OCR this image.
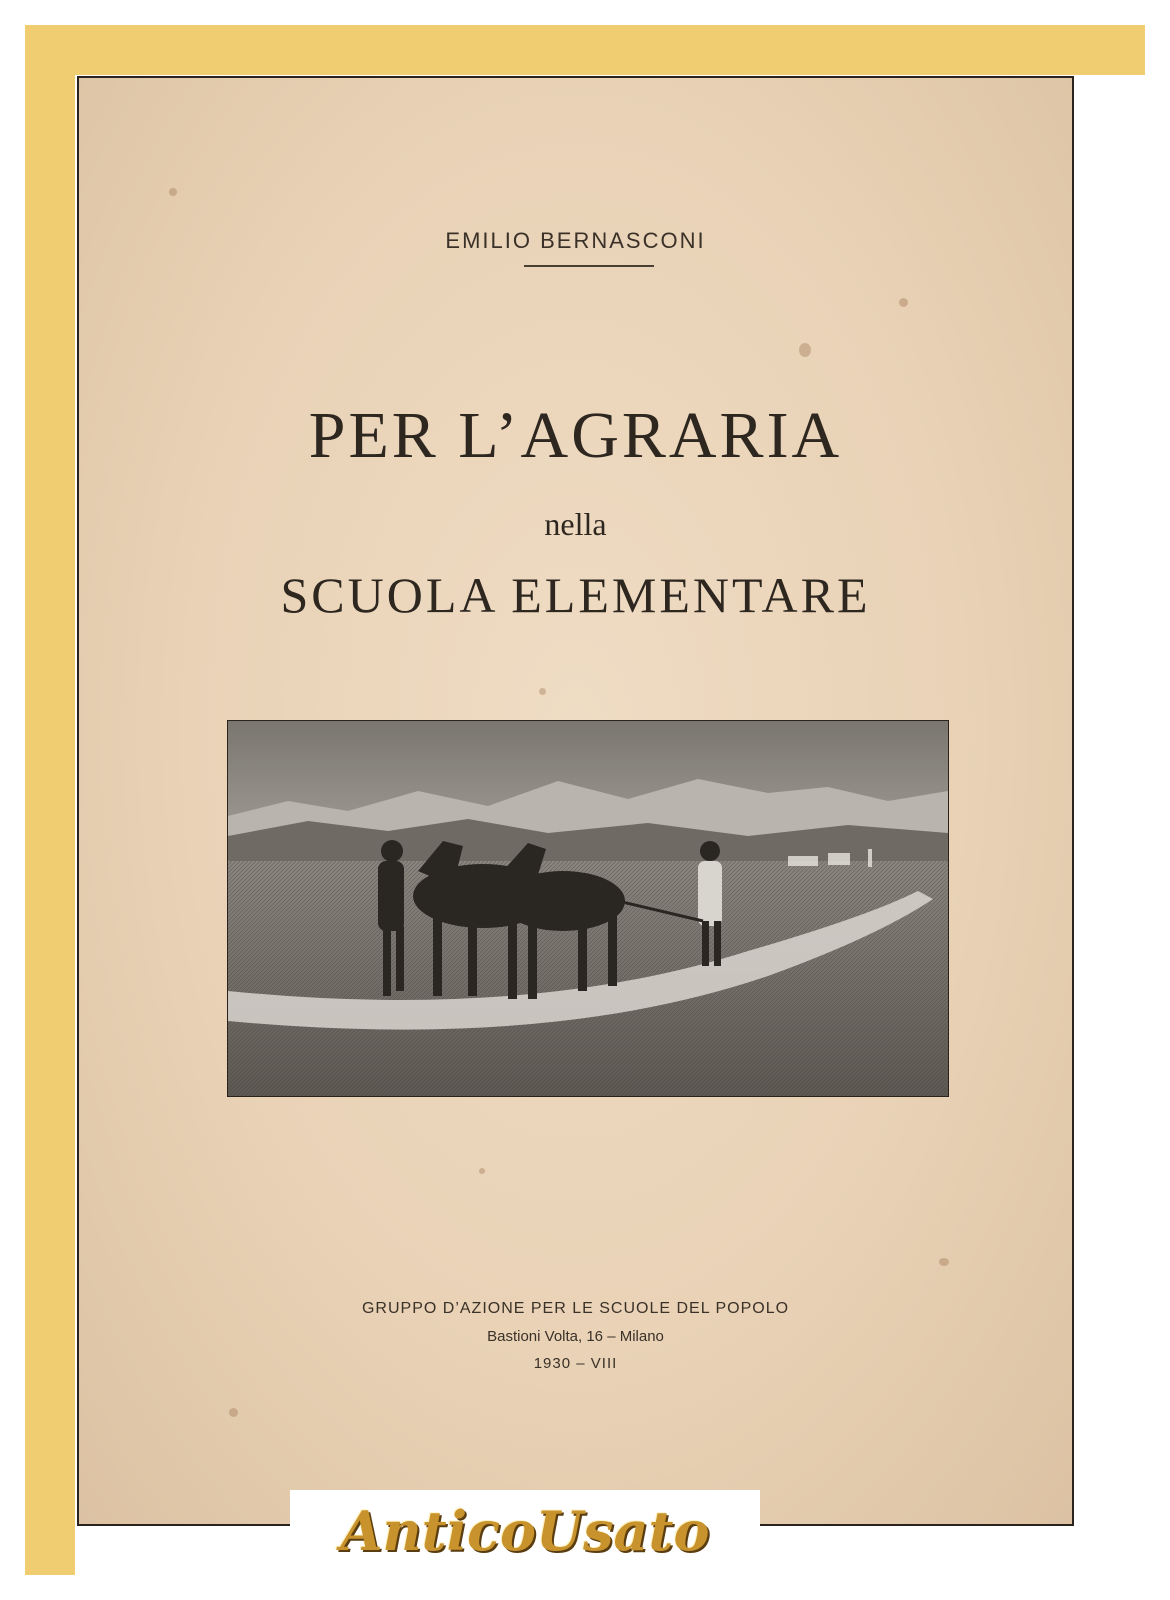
EMILIO BERNASCONI
PER L’AGRARIA
nella
SCUOLA ELEMENTARE
GRUPPO D’AZIONE PER LE SCUOLE DEL POPOLO
Bastioni Volta, 16 – Milano
1930 – VIII
AnticoUsato
